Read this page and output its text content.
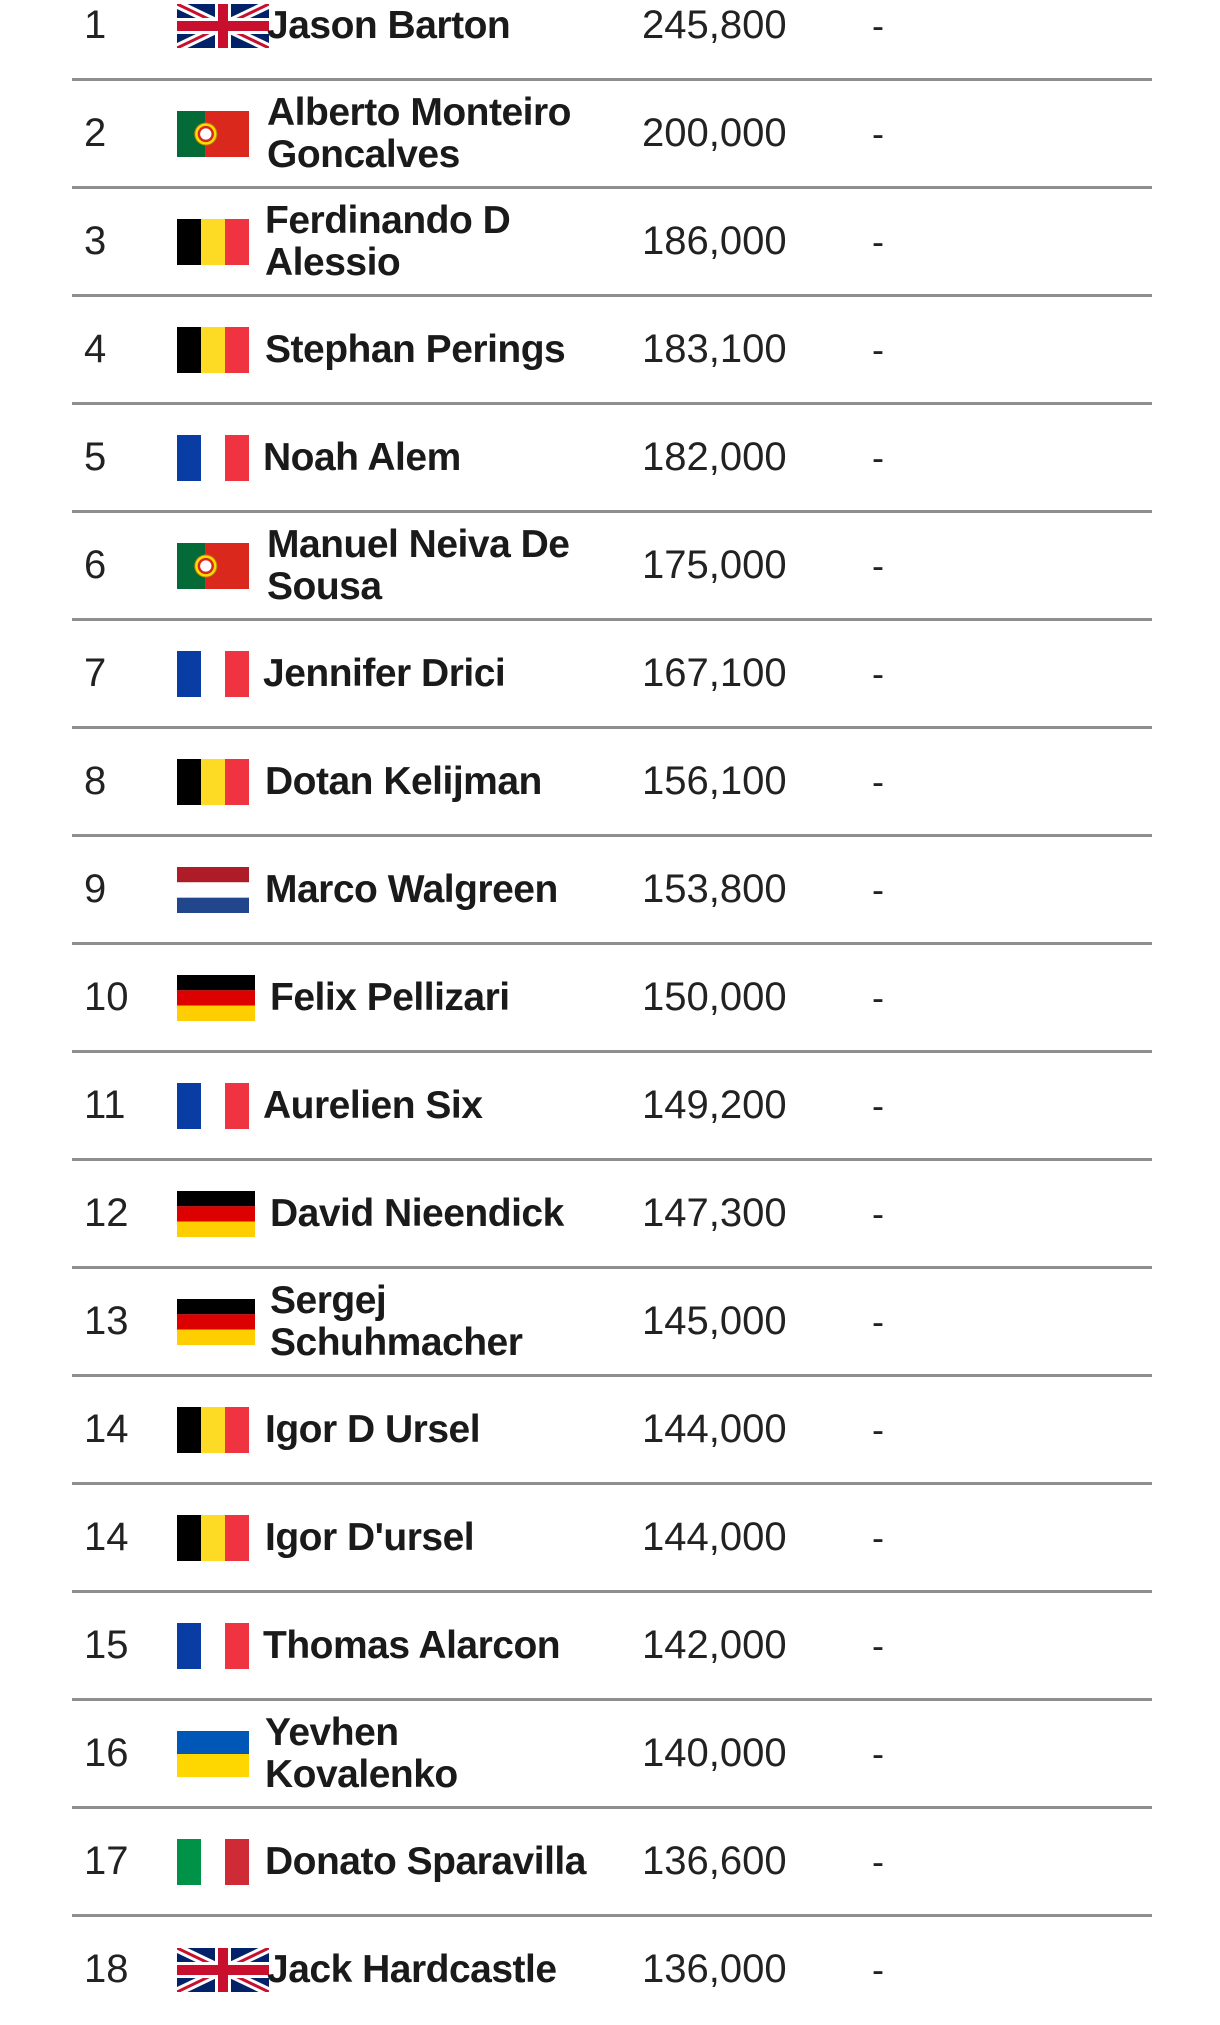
1	Jason Barton	245,800 -
2	Alberto Monteiro Goncalves	200,000 -
3	Ferdinando D Alessio	186,000 -
4	Stephan Perings	183,100 -
5	Noah Alem	182,000 -
6	Manuel Neiva De Sousa	175,000 -
7	Jennifer Drici	167,100 -
8	Dotan Kelijman	156,100 -
9	Marco Walgreen	153,800 -
10	Felix Pellizari	150,000 -
11	Aurelien Six	149,200 -
12	David Nieendick	147,300 -
13	Sergej Schuhmacher	145,000 -
14	Igor D Ursel	144,000 -
14	Igor D'ursel	144,000 -
15	Thomas Alarcon	142,000 -
16	Yevhen Kovalenko	140,000 -
17	Donato Sparavilla 136,600 -
18	Jack Hardcastle	136,000 -
